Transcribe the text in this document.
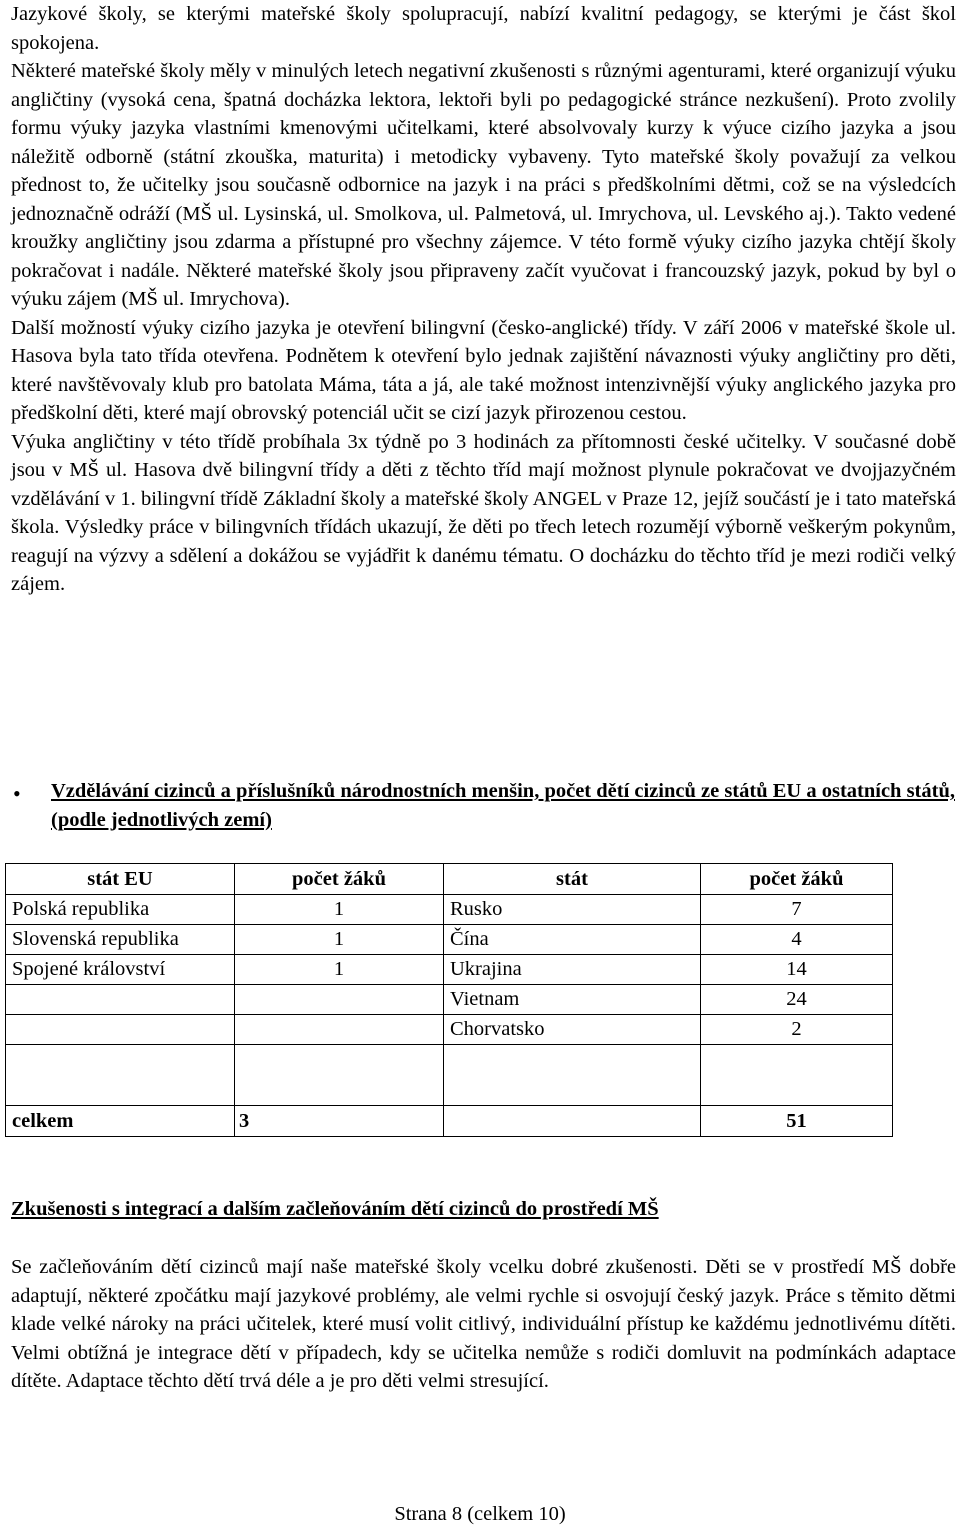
Jazykové školy, se kterými mateřské školy spolupracují, nabízí kvalitní pedagogy, se kterými je část škol spokojena.

Některé mateřské školy měly v minulých letech negativní zkušenosti s různými agenturami, které organizují výuku angličtiny (vysoká cena, špatná docházka lektora, lektoři byli po pedagogické stránce nezkušení). Proto zvolily formu výuky jazyka vlastními kmenovými učitelkami, které absolvovaly kurzy k výuce cizího jazyka a jsou náležitě odborně (státní zkouška, maturita) i metodicky vybaveny. Tyto mateřské školy považují za velkou přednost to, že učitelky jsou současně odbornice na jazyk i na práci s předškolními dětmi, což se na výsledcích jednoznačně odráží (MŠ ul. Lysinská, ul. Smolkova, ul. Palmetová, ul. Imrychova, ul. Levského aj.). Takto vedené kroužky angličtiny jsou zdarma a přístupné pro všechny zájemce. V této formě výuky cizího jazyka chtějí školy pokračovat i nadále. Některé mateřské školy jsou připraveny začít vyučovat i francouzský jazyk, pokud by byl o výuku zájem (MŠ ul. Imrychova).

Další možností výuky cizího jazyka je otevření bilingvní (česko-anglické) třídy. V září 2006 v mateřské škole ul. Hasova byla tato třída otevřena. Podnětem k otevření bylo jednak zajištění návaznosti výuky angličtiny pro děti, které navštěvovaly klub pro batolata Máma, táta a já, ale také možnost intenzivnější výuky anglického jazyka pro předškolní děti, které mají obrovský potenciál učit se cizí jazyk přirozenou cestou.

Výuka angličtiny v této třídě probíhala 3x týdně po 3 hodinách za přítomnosti české učitelky. V současné době jsou v MŠ ul. Hasova dvě bilingvní třídy a děti z těchto tříd mají možnost plynule pokračovat ve dvojjazyčném vzdělávání v 1. bilingvní třídě Základní školy a mateřské školy ANGEL v Praze 12, jejíž součástí je i tato mateřská škola. Výsledky práce v bilingvních třídách ukazují, že děti po třech letech rozumějí výborně veškerým pokynům, reagují na výzvy a sdělení a dokážou se vyjádřit k danému tématu. O docházku do těchto tříd je mezi rodiči velký zájem.

• Vzdělávání cizinců a příslušníků národnostních menšin, počet dětí cizinců ze států EU a ostatních států, (podle jednotlivých zemí)
stát EU	počet žáků	stát	počet žáků
Polská republika	1	Rusko	7
Slovenská republika	1	Čína	4
Spojené království	1	Ukrajina	14
		Vietnam	24
		Chorvatsko	2

celkem	3		51
Zkušenosti s integrací a dalším začleňováním dětí cizinců do prostředí MŠ

Se začleňováním dětí cizinců mají naše mateřské školy vcelku dobré zkušenosti. Děti se v prostředí MŠ dobře adaptují, některé zpočátku mají jazykové problémy, ale velmi rychle si osvojují český jazyk. Práce s těmito dětmi klade velké nároky na práci učitelek, které musí volit citlivý, individuální přístup ke každému jednotlivému dítěti. Velmi obtížná je integrace dětí v případech, kdy se učitelka nemůže s rodiči domluvit na podmínkách adaptace dítěte. Adaptace těchto dětí trvá déle a je pro děti velmi stresující.

Strana 8 (celkem 10)
